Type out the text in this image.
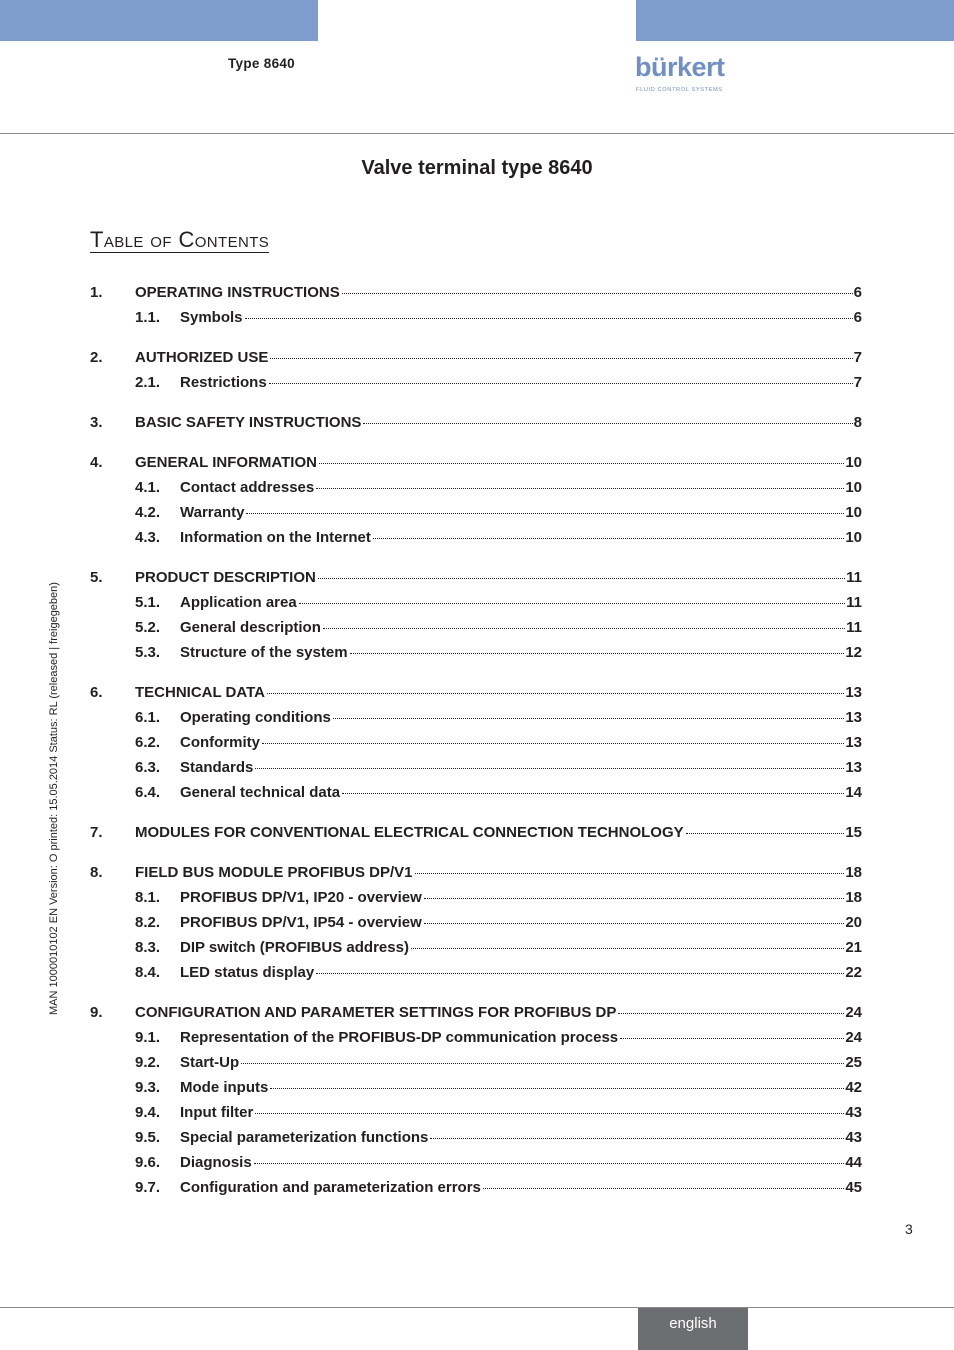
Type 8640	bürkert
FLUID CONTROL SYSTEMS
Valve terminal type 8640
Table of Contents
1.	OPERATING INSTRUCTIONS	6
1.1.	Symbols	6
2.	AUTHORIZED USE	7
2.1.	Restrictions	7
3.	BASIC SAFETY INSTRUCTIONS	8
4.	GENERAL INFORMATION	10
4.1.	Contact addresses	10
4.2.	Warranty	10
4.3.	Information on the Internet	10
5.	PRODUCT DESCRIPTION	11
5.1.	Application area	11
5.2.	General description	11
5.3.	Structure of the system	12
6.	TECHNICAL DATA	13
6.1.	Operating conditions	13
6.2.	Conformity	13
6.3.	Standards	13
6.4.	General technical data	14
7.	MODULES FOR CONVENTIONAL ELECTRICAL CONNECTION TECHNOLOGY	15
8.	FIELD BUS MODULE PROFIBUS DP/V1	18
8.1.	PROFIBUS DP/V1, IP20 - overview	18
8.2.	PROFIBUS DP/V1, IP54 - overview	20
8.3.	DIP switch (PROFIBUS address)	21
8.4.	LED status display	22
9.	CONFIGURATION AND PARAMETER SETTINGS FOR PROFIBUS DP	24
9.1.	Representation of the PROFIBUS-DP communication process	24
9.2.	Start-Up	25
9.3.	Mode inputs	42
9.4.	Input filter	43
9.5.	Special parameterization functions	43
9.6.	Diagnosis	44
9.7.	Configuration and parameterization errors	45
3
MAN 1000010102 EN Version: O printed: 15.05.2014 Status: RL (released | freigegeben)
english
